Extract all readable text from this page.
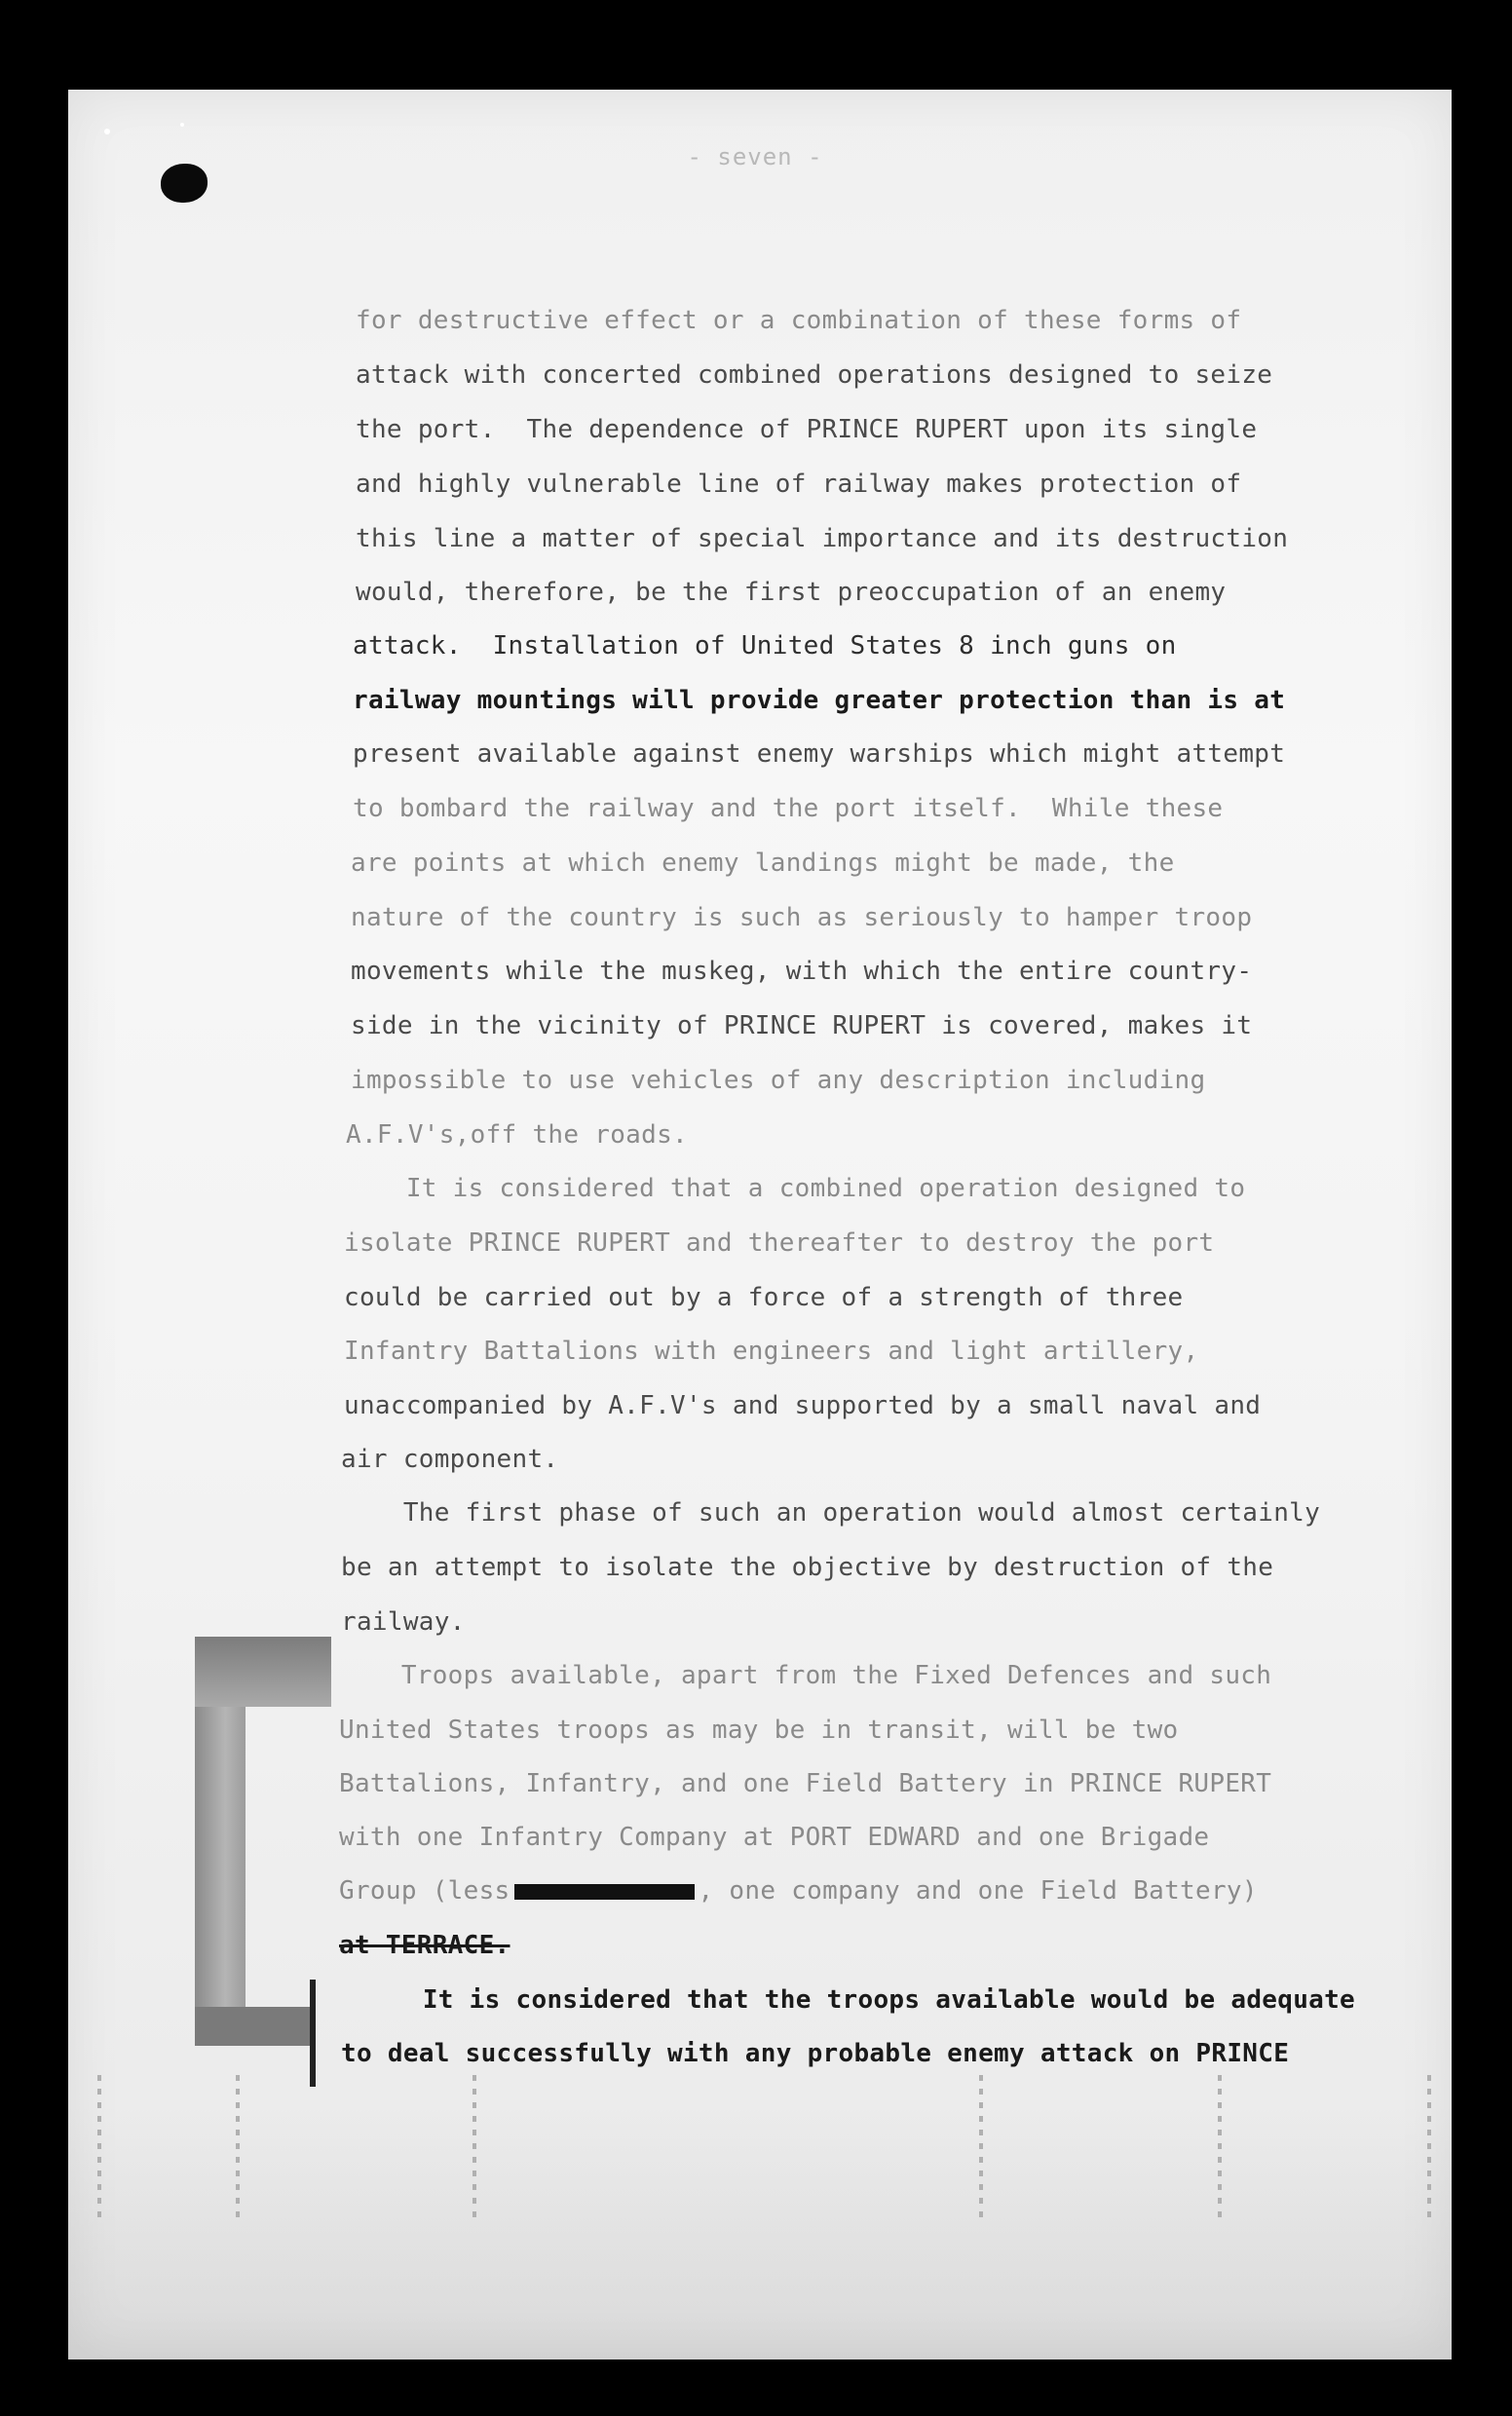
- seven -

for destructive effect or a combination of these forms of

attack with concerted combined operations designed to seize

the port.  The dependence of PRINCE RUPERT upon its single

and highly vulnerable line of railway makes protection of

this line a matter of special importance and its destruction

would, therefore, be the first preoccupation of an enemy

attack.  Installation of United States 8 inch guns on

railway mountings will provide greater protection than is at

present available against enemy warships which might attempt

to bombard the railway and the port itself.  While these

are points at which enemy landings might be made, the

nature of the country is such as seriously to hamper troop

movements while the muskeg, with which the entire country-

side in the vicinity of PRINCE RUPERT is covered, makes it

impossible to use vehicles of any description including

A.F.V's,off the roads.

It is considered that a combined operation designed to

isolate PRINCE RUPERT and thereafter to destroy the port

could be carried out by a force of a strength of three

Infantry Battalions with engineers and light artillery,

unaccompanied by A.F.V's and supported by a small naval and

air component.

The first phase of such an operation would almost certainly

be an attempt to isolate the objective by destruction of the

railway.

Troops available, apart from the Fixed Defences and such

United States troops as may be in transit, will be two

Battalions, Infantry, and one Field Battery in PRINCE RUPERT

with one Infantry Company at PORT EDWARD and one Brigade

Group (less	, one company and one Field Battery)

at TERRACE.

It is considered that the troops available would be adequate

to deal successfully with any probable enemy attack on PRINCE
